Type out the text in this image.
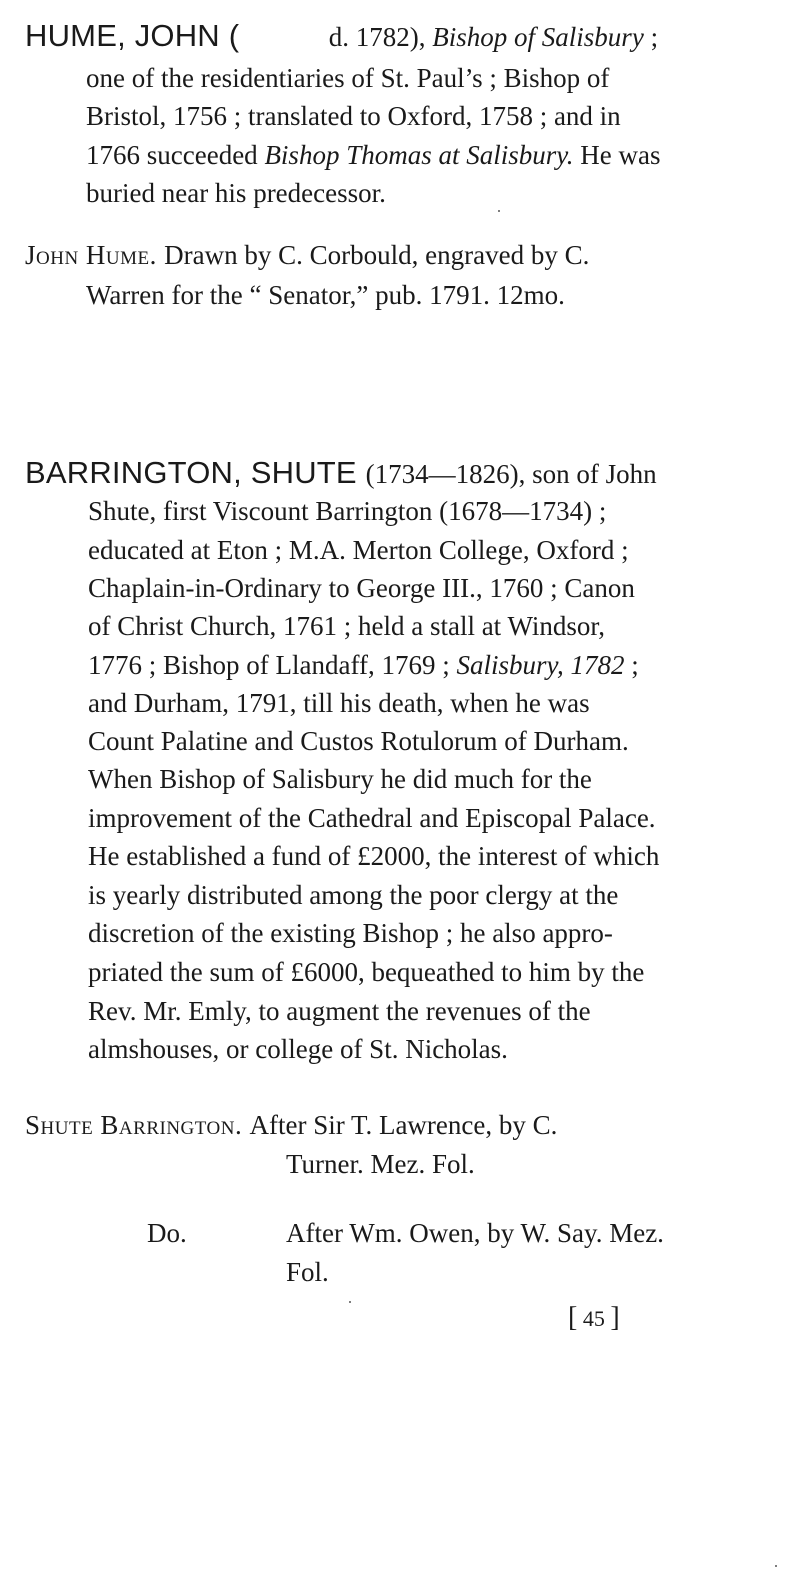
HUME, JOHN (	d. 1782), Bishop of Salisbury ;
one of the residentiaries of St. Paul’s ; Bishop of
Bristol, 1756 ; translated to Oxford, 1758 ; and in
1766 succeeded Bishop Thomas at Salisbury. He was
buried near his predecessor.
John Hume. Drawn by C. Corbould, engraved by C.
Warren for the “ Senator,” pub. 1791. 12mo.
BARRINGTON, SHUTE (1734—1826), son of John
Shute, first Viscount Barrington (1678—1734) ;
educated at Eton ; M.A. Merton College, Oxford ;
Chaplain-in-Ordinary to George III., 1760 ; Canon
of Christ Church, 1761 ; held a stall at Windsor,
1776 ; Bishop of Llandaff, 1769 ; Salisbury, 1782 ;
and Durham, 1791, till his death, when he was
Count Palatine and Custos Rotulorum of Durham.
When Bishop of Salisbury he did much for the
improvement of the Cathedral and Episcopal Palace.
He established a fund of £2000, the interest of which
is yearly distributed among the poor clergy at the
discretion of the existing Bishop ; he also appro-
priated the sum of £6000, bequeathed to him by the
Rev. Mr. Emly, to augment the revenues of the
almshouses, or college of St. Nicholas.
Shute Barrington. After Sir T. Lawrence, by C.
Turner. Mez. Fol.
Do.	After Wm. Owen, by W. Say. Mez.
Fol.
[ 45 ]
